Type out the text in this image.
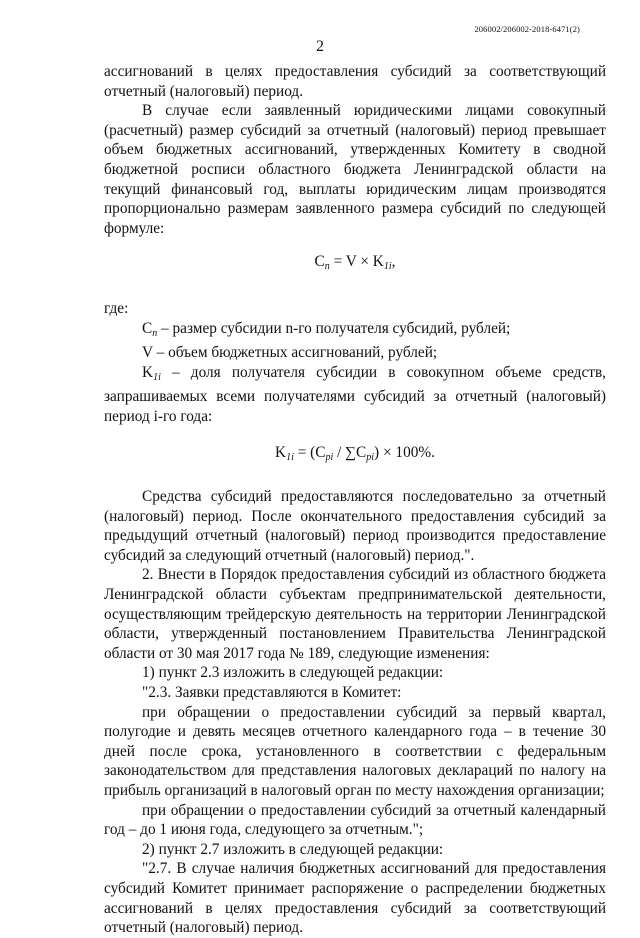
206002/206002-2018-6471(2)
2

ассигнований в целях предоставления субсидий за соответствующий отчетный (налоговый) период.

В случае если заявленный юридическими лицами совокупный (расчетный) размер субсидий за отчетный (налоговый) период превышает объем бюджетных ассигнований, утвержденных Комитету в сводной бюджетной росписи областного бюджета Ленинградской области на текущий финансовый год, выплаты юридическим лицам производятся пропорционально размерам заявленного размера субсидий по следующей формуле:

$C_n = V \times K_{1i}$,

где:

$C_n$ – размер субсидии n-го получателя субсидий, рублей;

V – объем бюджетных ассигнований, рублей;

$K_{1i}$ – доля получателя субсидии в совокупном объеме средств, запрашиваемых всеми получателями субсидий за отчетный (налоговый) период i-го года:

$K_{1i} = (C_{pi} / \sum C_{pi}) \times 100\%$.

Средства субсидий предоставляются последовательно за отчетный (налоговый) период. После окончательного предоставления субсидий за предыдущий отчетный (налоговый) период производится предоставление субсидий за следующий отчетный (налоговый) период.".

2. Внести в Порядок предоставления субсидий из областного бюджета Ленинградской области субъектам предпринимательской деятельности, осуществляющим трейдерскую деятельность на территории Ленинградской области, утвержденный постановлением Правительства Ленинградской области от 30 мая 2017 года № 189, следующие изменения:

1) пункт 2.3 изложить в следующей редакции:

"2.3. Заявки представляются в Комитет:

при обращении о предоставлении субсидий за первый квартал, полугодие и девять месяцев отчетного календарного года – в течение 30 дней после срока, установленного в соответствии с федеральным законодательством для представления налоговых деклараций по налогу на прибыль организаций в налоговый орган по месту нахождения организации;

при обращении о предоставлении субсидий за отчетный календарный год – до 1 июня года, следующего за отчетным.";

2) пункт 2.7 изложить в следующей редакции:

"2.7. В случае наличия бюджетных ассигнований для предоставления субсидий Комитет принимает распоряжение о распределении бюджетных ассигнований в целях предоставления субсидий за соответствующий отчетный (налоговый) период.
